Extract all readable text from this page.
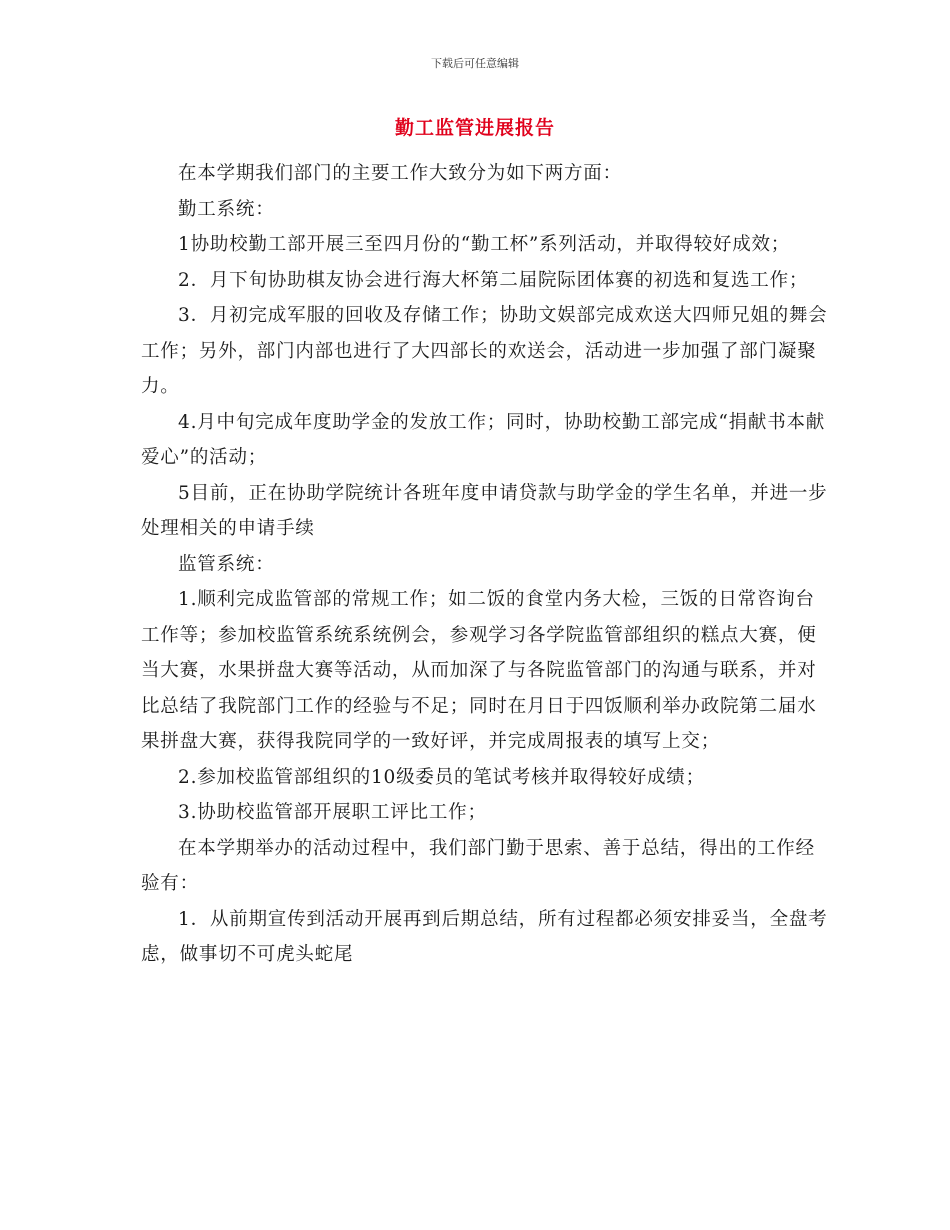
下载后可任意编辑
勤工监管进展报告

在本学期我们部门的主要工作大致分为如下两方面：

勤工系统：

1协助校勤工部开展三至四月份的“勤工杯”系列活动，并取得较好成效；

2．月下旬协助棋友协会进行海大杯第二届院际团体赛的初选和复选工作；

3．月初完成军服的回收及存储工作；协助文娱部完成欢送大四师兄姐的舞会工作；另外，部门内部也进行了大四部长的欢送会，活动进一步加强了部门凝聚力。

4.月中旬完成年度助学金的发放工作；同时，协助校勤工部完成“捐献书本献爱心”的活动；

5目前，正在协助学院统计各班年度申请贷款与助学金的学生名单，并进一步处理相关的申请手续

监管系统：

1.顺利完成监管部的常规工作；如二饭的食堂内务大检，三饭的日常咨询台工作等；参加校监管系统系统例会，参观学习各学院监管部组织的糕点大赛，便当大赛，水果拼盘大赛等活动，从而加深了与各院监管部门的沟通与联系，并对比总结了我院部门工作的经验与不足；同时在月日于四饭顺利举办政院第二届水果拼盘大赛，获得我院同学的一致好评，并完成周报表的填写上交；

2.参加校监管部组织的10级委员的笔试考核并取得较好成绩；

3.协助校监管部开展职工评比工作；

在本学期举办的活动过程中，我们部门勤于思索、善于总结，得出的工作经验有：

1．从前期宣传到活动开展再到后期总结，所有过程都必须安排妥当，全盘考虑，做事切不可虎头蛇尾
